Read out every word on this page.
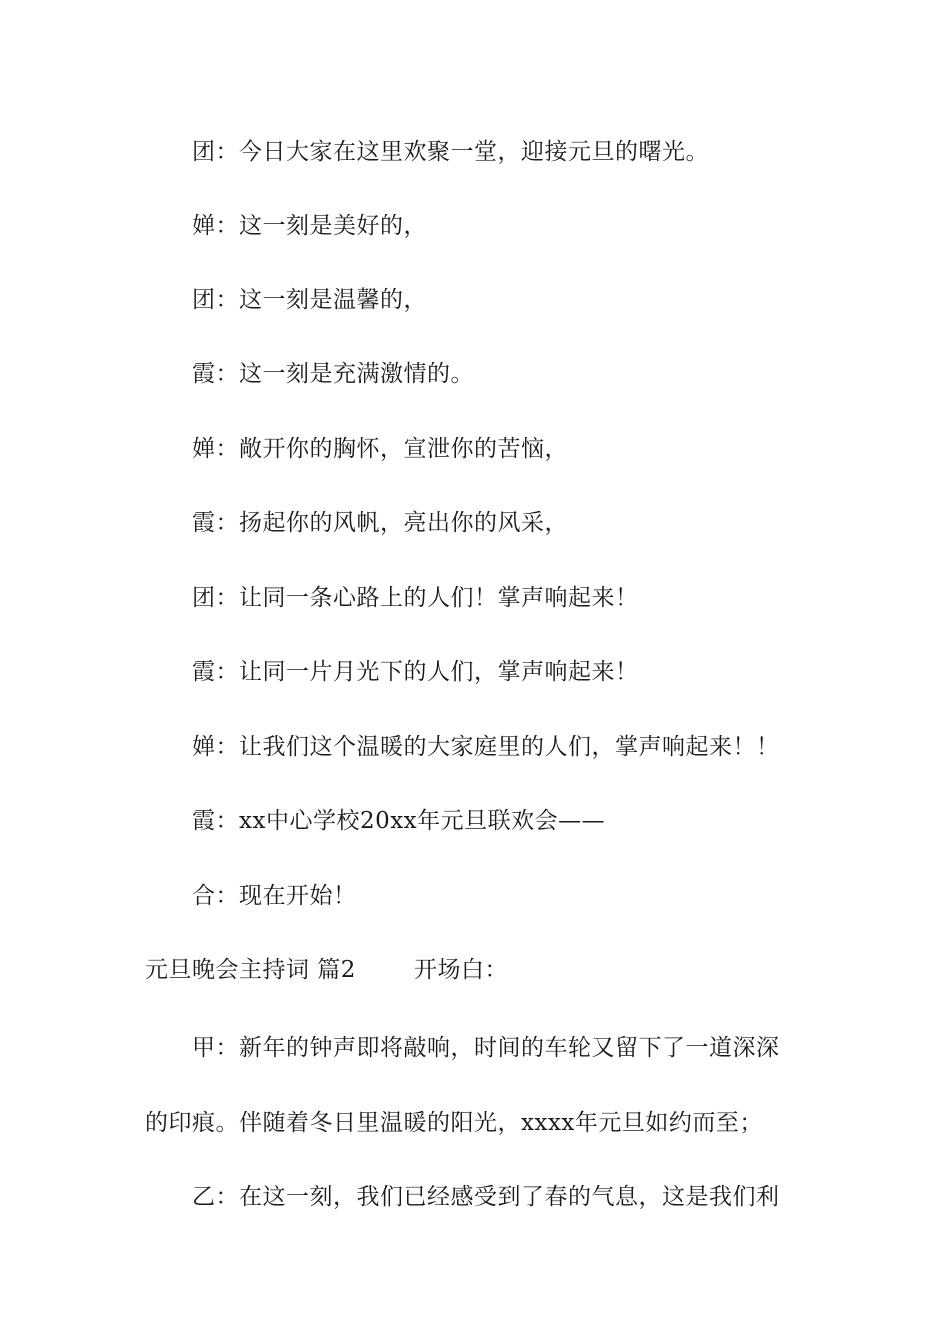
团：今日大家在这里欢聚一堂，迎接元旦的曙光。
婵：这一刻是美好的，
团：这一刻是温馨的，
霞：这一刻是充满激情的。
婵：敞开你的胸怀，宣泄你的苦恼，
霞：扬起你的风帆，亮出你的风采，
团：让同一条心路上的人们！掌声响起来！
霞：让同一片月光下的人们，掌声响起来！
婵：让我们这个温暖的大家庭里的人们，掌声响起来！！
霞：xx中心学校20xx年元旦联欢会——
合：现在开始！
元旦晚会主持词 篇2	开场白：
甲：新年的钟声即将敲响，时间的车轮又留下了一道深深
的印痕。伴随着冬日里温暖的阳光，xxxx年元旦如约而至；
乙：在这一刻，我们已经感受到了春的气息，这是我们利
